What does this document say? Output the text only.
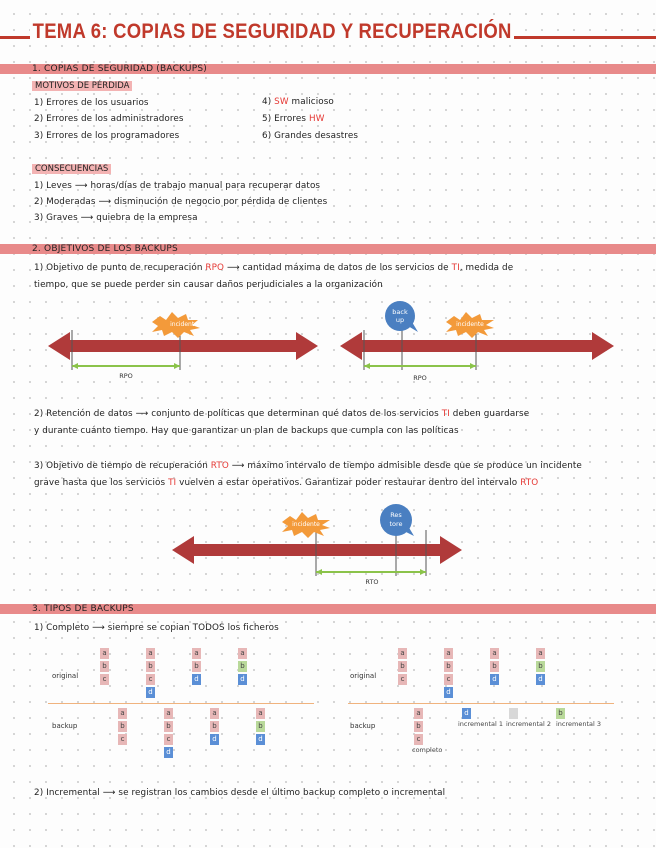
TEMA 6: COPIAS DE SEGURIDAD Y RECUPERACIÓN
1. COPIAS DE SEGURIDAD (BACKUPS)
MOTIVOS DE PÉRDIDA
1) Errores de los usuarios
2) Errores de los administradores
3) Errores de los programadores
4) SW malicioso
5) Errores HW
6) Grandes desastres
CONSECUENCIAS
1) Leves ⟶ horas/días de trabajo manual para recuperar datos
2) Moderadas ⟶ disminución de negocio por pérdida de clientes
3) Graves ⟶ quiebra de la empresa
2. OBJETIVOS DE LOS BACKUPS
1) Objetivo de punto de recuperación RPO ⟶ cantidad máxima de datos de los servicios de TI, medida de
tiempo, que se puede perder sin causar daños perjudiciales a la organización
incidente
RPO
back
up
incidente
RPO
2) Retención de datos ⟶ conjunto de políticas que determinan qué datos de los servicios TI deben guardarse
y durante cuánto tiempo. Hay que garantizar un plan de backups que cumpla con las políticas
3) Objetivo de tiempo de recuperación RTO ⟶ máximo intervalo de tiempo admisible desde que se produce un incidente
grave hasta que los servicios TI vuelven a estar operativos. Garantizar poder restaurar dentro del intervalo RTO
incidente
Res
tore
RTO
3. TIPOS DE BACKUPS
1) Completo ⟶ siempre se copian TODOS los ficheros
original
backup
a
b
c
a
b
c
d
a
b
d
a
b
d
a
b
c
a
b
c
d
a
b
d
a
b
d
original
backup
a
b
c
a
b
c
d
a
b
d
a
b
d
a
b
c
completo
d
incremental 1 incremental 2
b
incremental 3
2) Incremental ⟶ se registran los cambios desde el último backup completo o incremental
